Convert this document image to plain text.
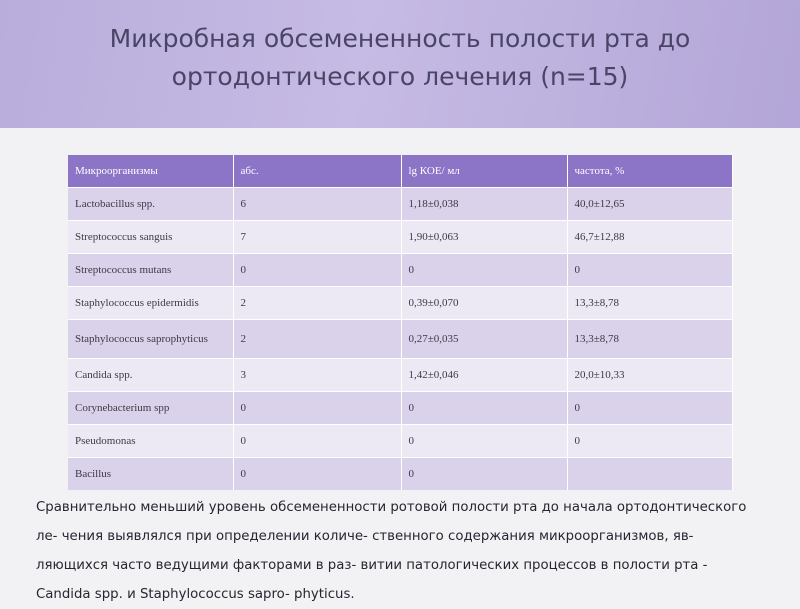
Микробная обсемененность полости рта до ортодонтического лечения (n=15)
Микроорганизмы	абс.	lg КОЕ/ мл	частота, %
Lactobacillus spp.	6	1,18±0,038	40,0±12,65
Streptococcus sanguis	7	1,90±0,063	46,7±12,88
Streptococcus mutans	0	0	0
Staphylococcus epidermidis	2	0,39±0,070	13,3±8,78
Staphylococcus saprophyticus	2	0,27±0,035	13,3±8,78
Candida spp.	3	1,42±0,046	20,0±10,33
Corynebacterium spp	0	0	0
Pseudomonas	0	0	0
Bacillus	0	0	
Сравнительно меньший уровень обсемененности ротовой полости рта до начала ортодонтического ле- чения выявлялся при определении количе- ственного содержания микроорганизмов, яв- ляющихся часто ведущими факторами в раз- витии патологических процессов в полости рта - Candida spp. и Staphylococcus sapro- phyticus.
